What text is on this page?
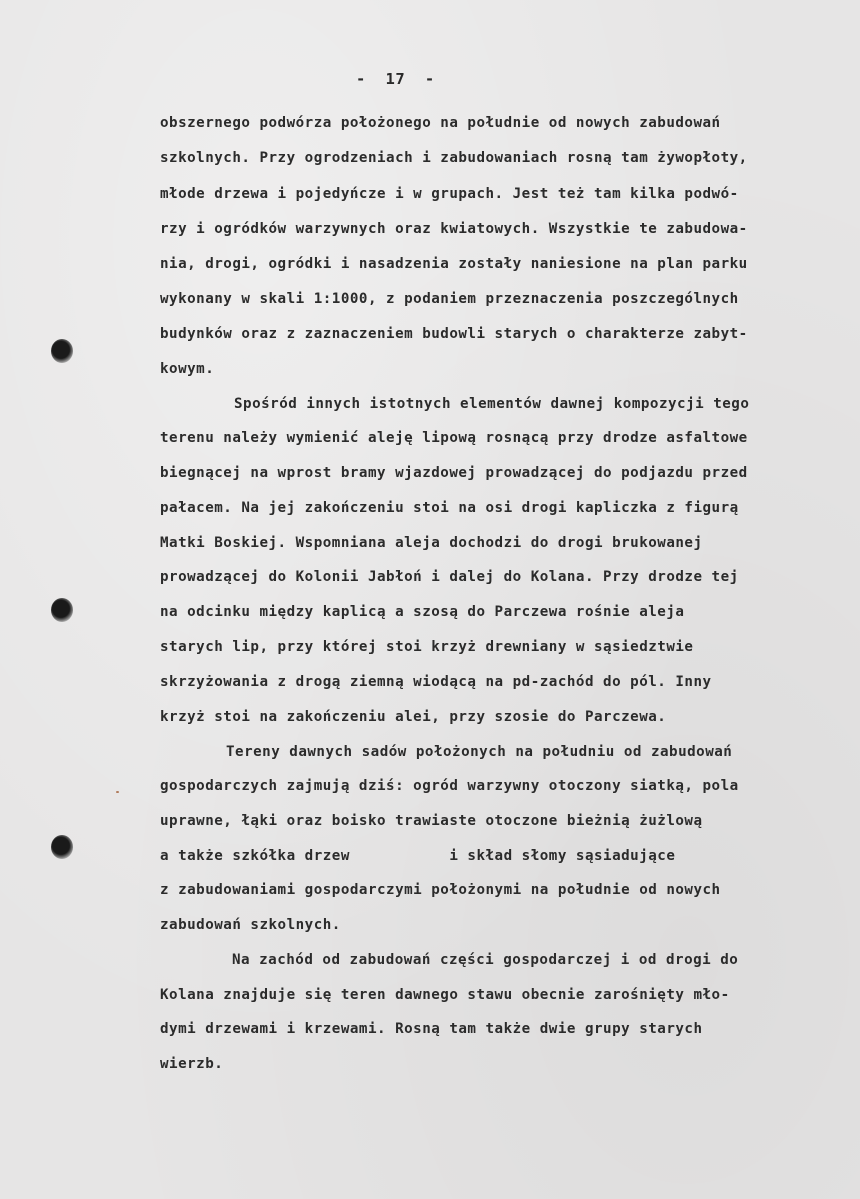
-  17  -
obszernego podwórza położonego na południe od nowych zabudowań
szkolnych. Przy ogrodzeniach i zabudowaniach rosną tam żywopłoty,
młode drzewa i pojedyńcze i w grupach. Jest też tam kilka podwó-
rzy i ogródków warzywnych oraz kwiatowych. Wszystkie te zabudowa-
nia, drogi, ogródki i nasadzenia zostały naniesione na plan parku
wykonany w skali 1:1000, z podaniem przeznaczenia poszczególnych
budynków oraz z zaznaczeniem budowli starych o charakterze zabyt-
kowym.
Spośród innych istotnych elementów dawnej kompozycji tego
terenu należy wymienić aleję lipową rosnącą przy drodze asfaltowe
biegnącej na wprost bramy wjazdowej prowadzącej do podjazdu przed
pałacem. Na jej zakończeniu stoi na osi drogi kapliczka z figurą
Matki Boskiej. Wspomniana aleja dochodzi do drogi brukowanej
prowadzącej do Kolonii Jabłoń i dalej do Kolana. Przy drodze tej
na odcinku między kaplicą a szosą do Parczewa rośnie aleja
starych lip, przy której stoi krzyż drewniany w sąsiedztwie
skrzyżowania z drogą ziemną wiodącą na pd-zachód do pól. Inny
krzyż stoi na zakończeniu alei, przy szosie do Parczewa.
Tereny dawnych sadów położonych na południu od zabudowań
gospodarczych zajmują dziś: ogród warzywny otoczony siatką, pola
uprawne, łąki oraz boisko trawiaste otoczone bieżnią żużlową
a także szkółka drzew           i skład słomy sąsiadujące
z zabudowaniami gospodarczymi położonymi na południe od nowych
zabudowań szkolnych.
Na zachód od zabudowań części gospodarczej i od drogi do
Kolana znajduje się teren dawnego stawu obecnie zarośnięty mło-
dymi drzewami i krzewami. Rosną tam także dwie grupy starych
wierzb.
